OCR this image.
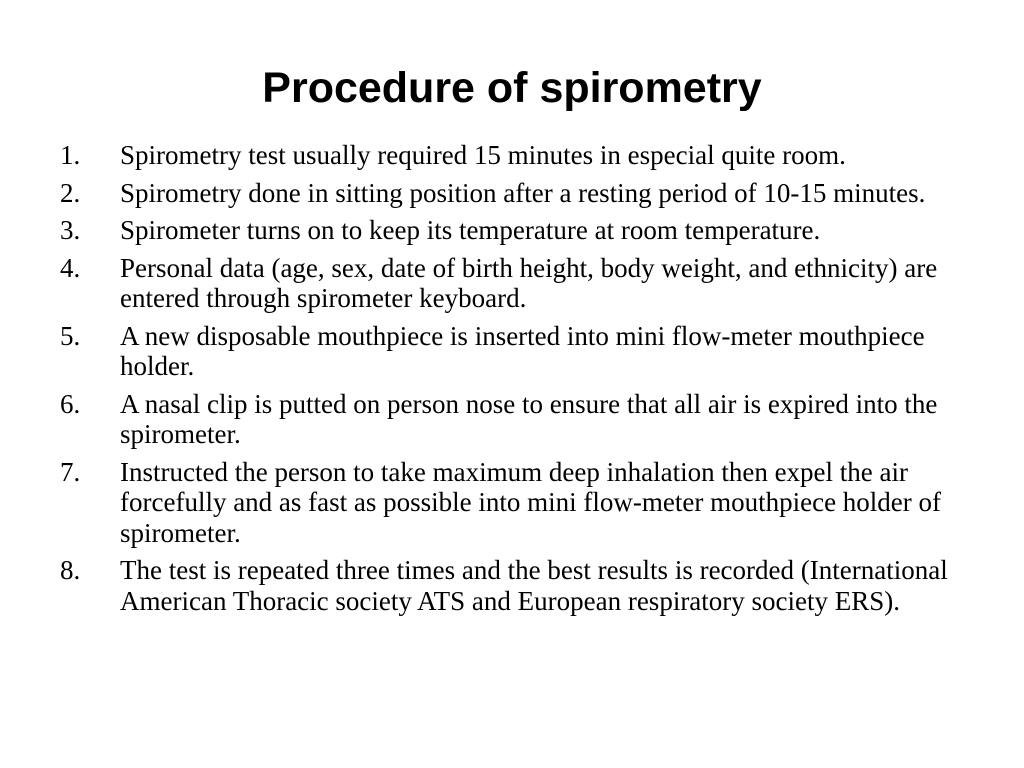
Procedure of spirometry
1.	Spirometry test usually required 15 minutes in especial quite room.
2.	Spirometry done in sitting position after a resting period of 10-15 minutes.
3.	Spirometer turns on to keep its temperature at room temperature.
4.	Personal data (age, sex, date of birth height, body weight, and ethnicity) are entered through spirometer keyboard.
5.	A new disposable mouthpiece is inserted into mini flow-meter mouthpiece holder.
6.	A nasal clip is putted on person nose to ensure that all air is expired into the spirometer.
7.	Instructed the person to take maximum deep inhalation then expel the air forcefully and as fast as possible into mini flow-meter mouthpiece holder of spirometer.
8.	The test is repeated three times and the best results is recorded (International American Thoracic society ATS and European respiratory society ERS).
